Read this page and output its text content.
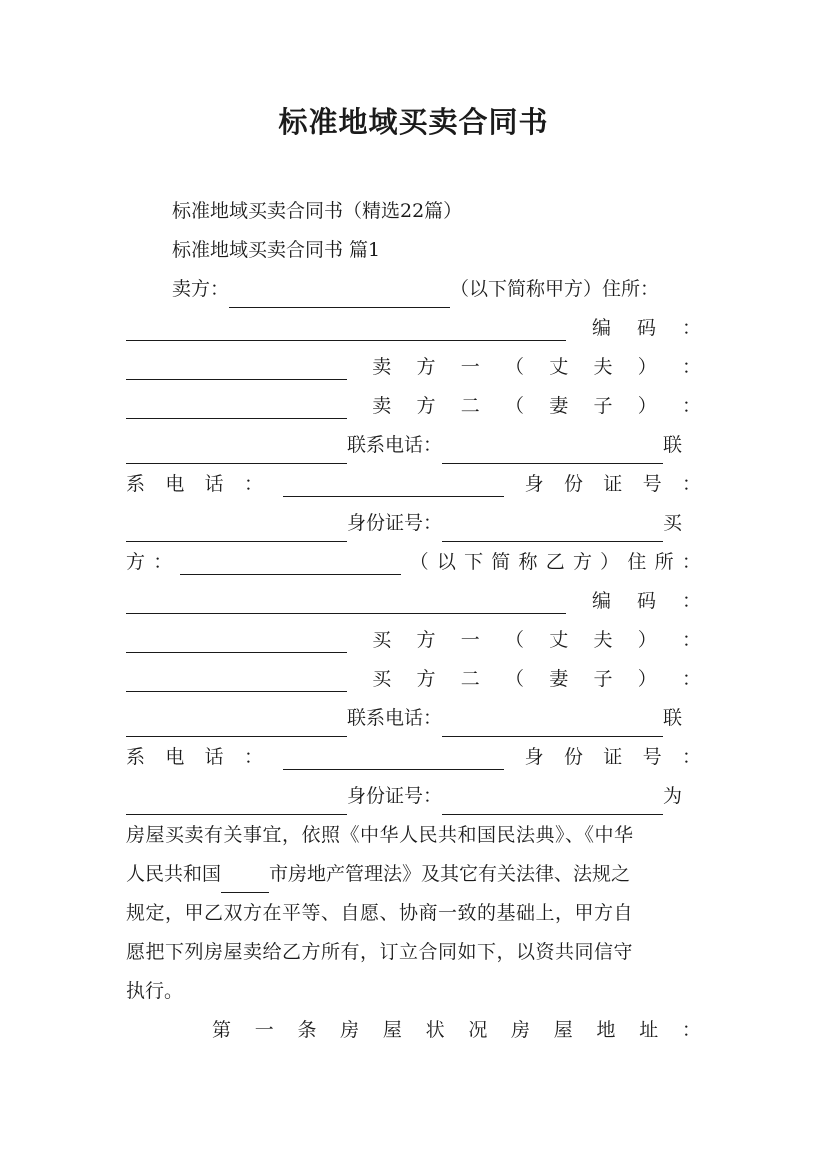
标准地域买卖合同书
标准地域买卖合同书（精选22篇）
标准地域买卖合同书 篇1
卖方：	（以下简称甲方）住所：
编 码 ：
卖 方 一 （ 丈 夫 ） ：
卖 方 二 （ 妻 子 ） ：
联系电话：	联
系 电 话 ：	身 份 证 号 ：
身份证号：	买
方 ：	（ 以 下 简 称 乙 方 ） 住 所 ：
编 码 ：
买 方 一 （ 丈 夫 ） ：
买 方 二 （ 妻 子 ） ：
联系电话：	联
系 电 话 ：	身 份 证 号 ：
身份证号：	为
房屋买卖有关事宜，依照《中华人民共和国民法典》、《中华
人民共和国	市房地产管理法》及其它有关法律、法规之
规定，甲乙双方在平等、自愿、协商一致的基础上，甲方自
愿把下列房屋卖给乙方所有，订立合同如下，以资共同信守
执行。
第 一 条 房 屋 状 况 房 屋 地 址 ：
